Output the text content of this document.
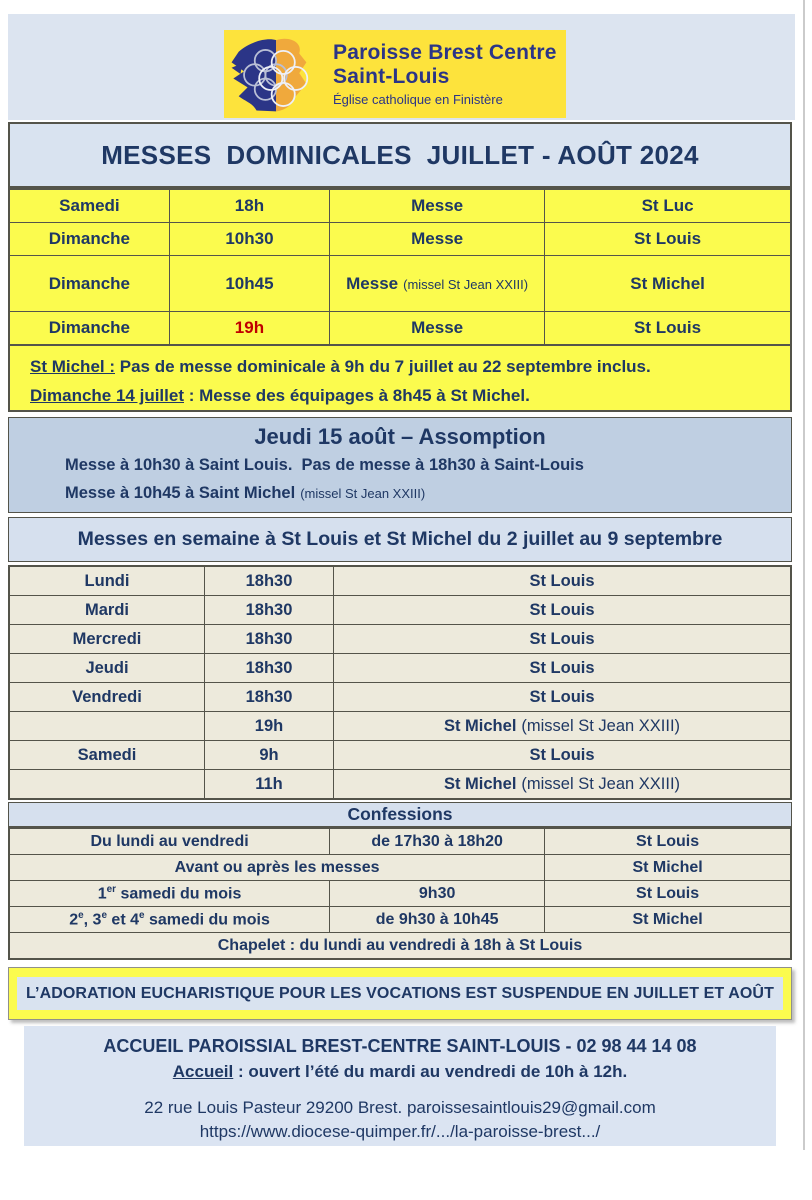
Paroisse Brest Centre
Saint-Louis
Église catholique en Finistère
MESSES  DOMINICALES  JUILLET - AOÛT 2024
Samedi	18h	Messe	St Luc
Dimanche	10h30	Messe	St Louis
Dimanche	10h45	Messe (missel St Jean XXIII)	St Michel
Dimanche	19h	Messe	St Louis
St Michel : Pas de messe dominicale à 9h du 7 juillet au 22 septembre inclus.
Dimanche 14 juillet : Messe des équipages à 8h45 à St Michel.
Jeudi 15 août – Assomption
Messe à 10h30 à Saint Louis. Pas de messe à 18h30 à Saint-Louis
Messe à 10h45 à Saint Michel (missel St Jean XXIII)
Messes en semaine à St Louis et St Michel du 2 juillet au 9 septembre
Lundi	18h30	St Louis
Mardi	18h30	St Louis
Mercredi	18h30	St Louis
Jeudi	18h30	St Louis
Vendredi	18h30	St Louis
	19h	St Michel (missel St Jean XXIII)
Samedi	9h	St Louis
	11h	St Michel (missel St Jean XXIII)
Confessions
Du lundi au vendredi	de 17h30 à 18h20	St Louis
Avant ou après les messes		St Michel
1er samedi du mois	9h30	St Louis
2e, 3e et 4e samedi du mois	de 9h30 à 10h45	St Michel
Chapelet : du lundi au vendredi à 18h à St Louis		
L’ADORATION EUCHARISTIQUE POUR LES VOCATIONS EST SUSPENDUE EN JUILLET ET AOÛT
ACCUEIL PAROISSIAL BREST-CENTRE SAINT-LOUIS - 02 98 44 14 08
Accueil : ouvert l’été du mardi au vendredi de 10h à 12h.
22 rue Louis Pasteur 29200 Brest. paroissesaintlouis29@gmail.com
https://www.diocese-quimper.fr/.../la-paroisse-brest.../
